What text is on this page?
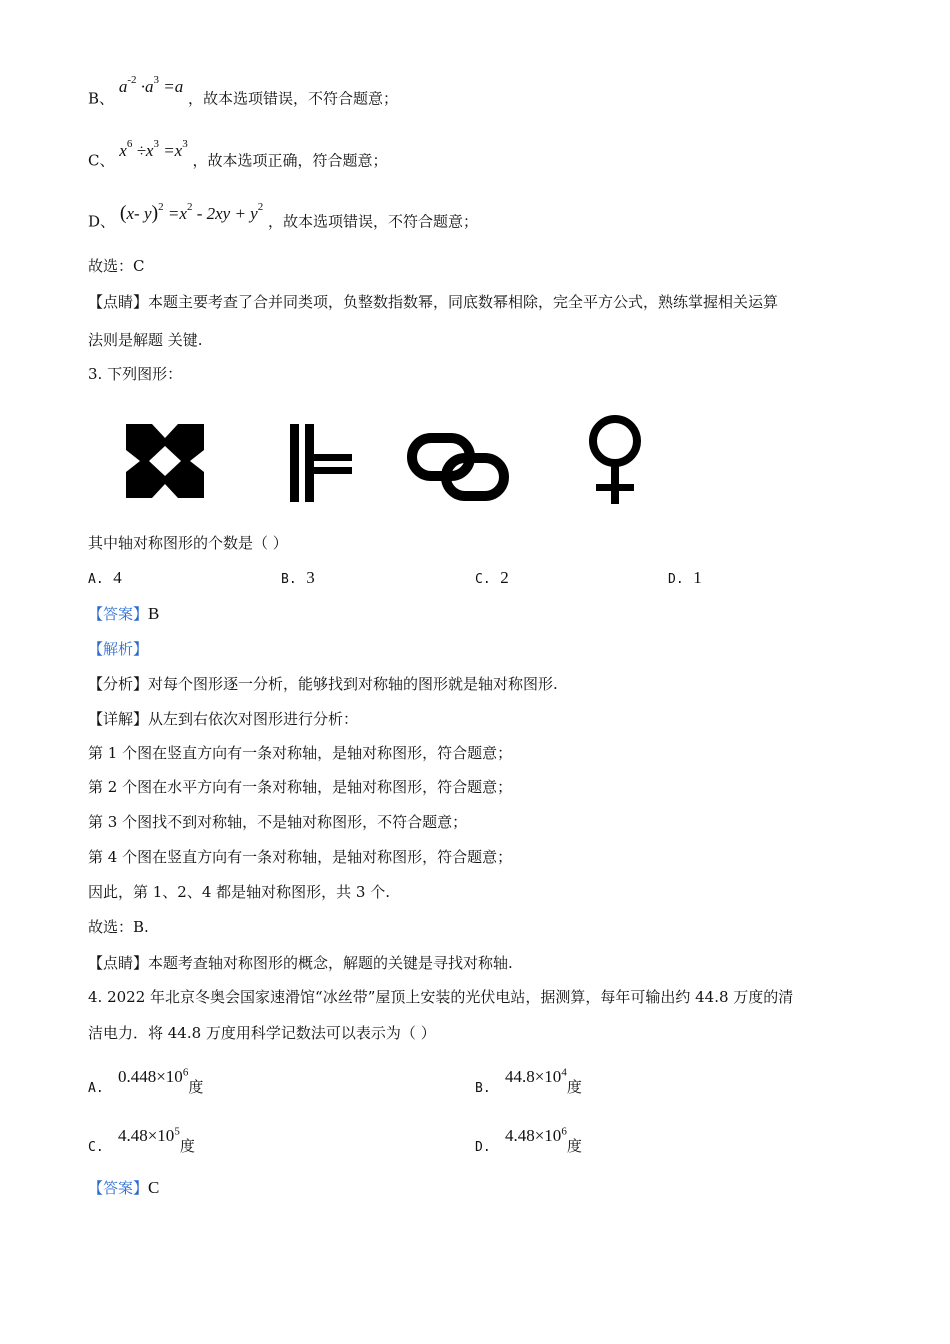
B、 $a^{-2} \cdot a^3 =a$ ，故本选项错误，不符合题意；
C、 $x^6 \div x^3 =x^3$ ，故本选项正确，符合题意；
D、 (x- $y)^2 =x^2 - 2xy + y^2$ ，故本选项错误，不符合题意；
故选：C
【点睛】本题主要考查了合并同类项，负整数指数幂，同底数幂相除，完全平方公式，熟练掌握相关运算
法则是解题 关键.
3. 下列图形：
其中轴对称图形的个数是（ ）
A. 4	B. 3	C. 2	D. 1
【答案】B
【解析】
【分析】对每个图形逐一分析，能够找到对称轴的图形就是轴对称图形.
【详解】从左到右依次对图形进行分析：
第 1 个图在竖直方向有一条对称轴，是轴对称图形，符合题意；
第 2 个图在水平方向有一条对称轴，是轴对称图形，符合题意；
第 3 个图找不到对称轴，不是轴对称图形，不符合题意；
第 4 个图在竖直方向有一条对称轴，是轴对称图形，符合题意；
因此，第 1、2、4 都是轴对称图形，共 3 个.
故选：B.
【点睛】本题考查轴对称图形的概念，解题的关键是寻找对称轴.
4. 2022 年北京冬奥会国家速滑馆“冰丝带”屋顶上安装的光伏电站，据测算，每年可输出约 44.8 万度的清
洁电力．将 44.8 万度用科学记数法可以表示为（ ）
A.   $0.448\times 10^6$度	B.   $44.8\times 10^4$度
C.   $4.48\times 10^5$度	D.   $4.48\times 10^6$度
【答案】C
